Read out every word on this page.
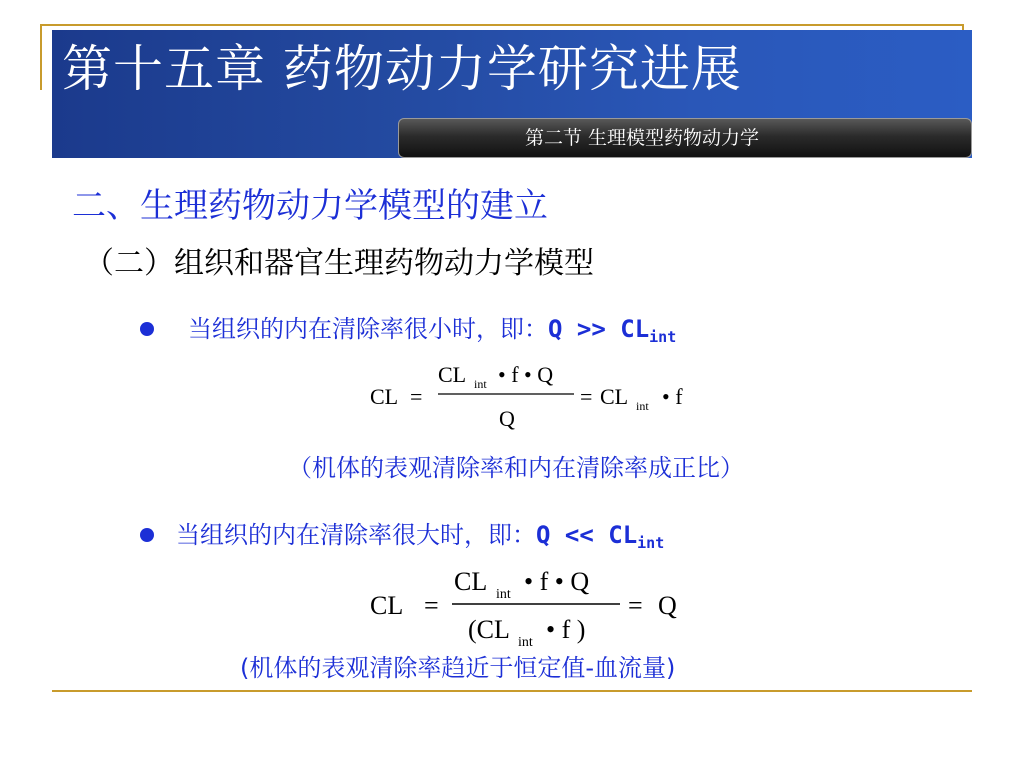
第十五章 药物动力学研究进展
第二节 生理模型药物动力学
二、生理药物动力学模型的建立
（二）组织和器官生理药物动力学模型
当组织的内在清除率很小时，即：$Q >> CL_{int}$
CL =
CL int • f • Q
Q
= CL int • f
（机体的表观清除率和内在清除率成正比）
当组织的内在清除率很大时，即：$Q << CL_{int}$
CL =
CL int • f • Q
(CL int • f )
= Q
(机体的表观清除率趋近于恒定值-血流量)
